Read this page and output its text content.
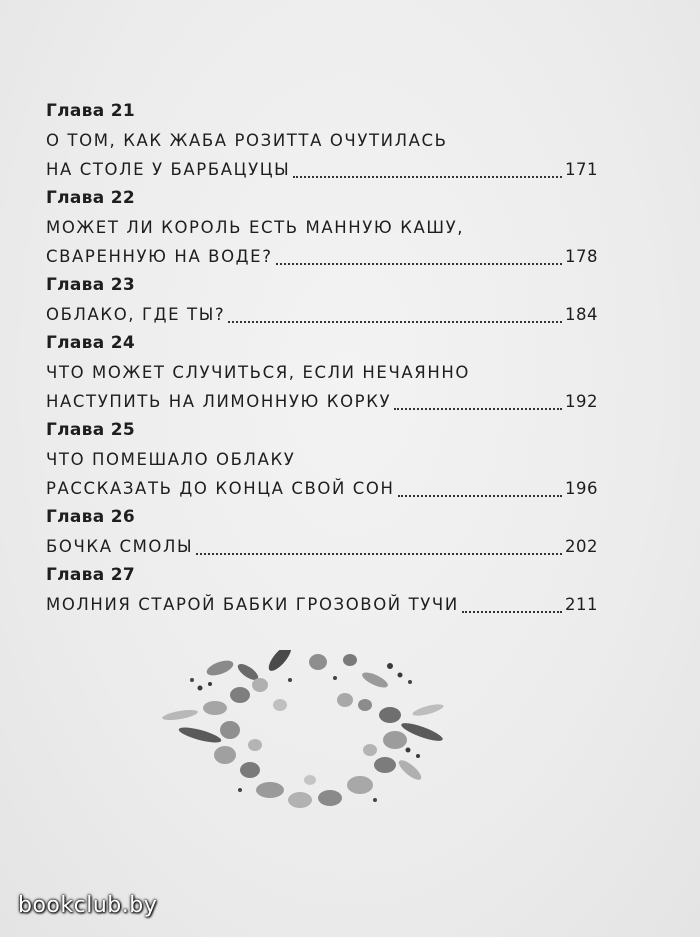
Глава 21
О ТОМ, КАК ЖАБА РОЗИТТА ОЧУТИЛАСЬ
НА СТОЛЕ У БАРБАЦУЦЫ	171
Глава 22
МОЖЕТ ЛИ КОРОЛЬ ЕСТЬ МАННУЮ КАШУ,
СВАРЕННУЮ НА ВОДЕ?	178
Глава 23
ОБЛАКО, ГДЕ ТЫ?	184
Глава 24
ЧТО МОЖЕТ СЛУЧИТЬСЯ, ЕСЛИ НЕЧАЯННО
НАСТУПИТЬ НА ЛИМОННУЮ КОРКУ	192
Глава 25
ЧТО ПОМЕШАЛО ОБЛАКУ
РАССКАЗАТЬ ДО КОНЦА СВОЙ СОН	196
Глава 26
БОЧКА СМОЛЫ	202
Глава 27
МОЛНИЯ СТАРОЙ БАБКИ ГРОЗОВОЙ ТУЧИ	211
bookclub.by
